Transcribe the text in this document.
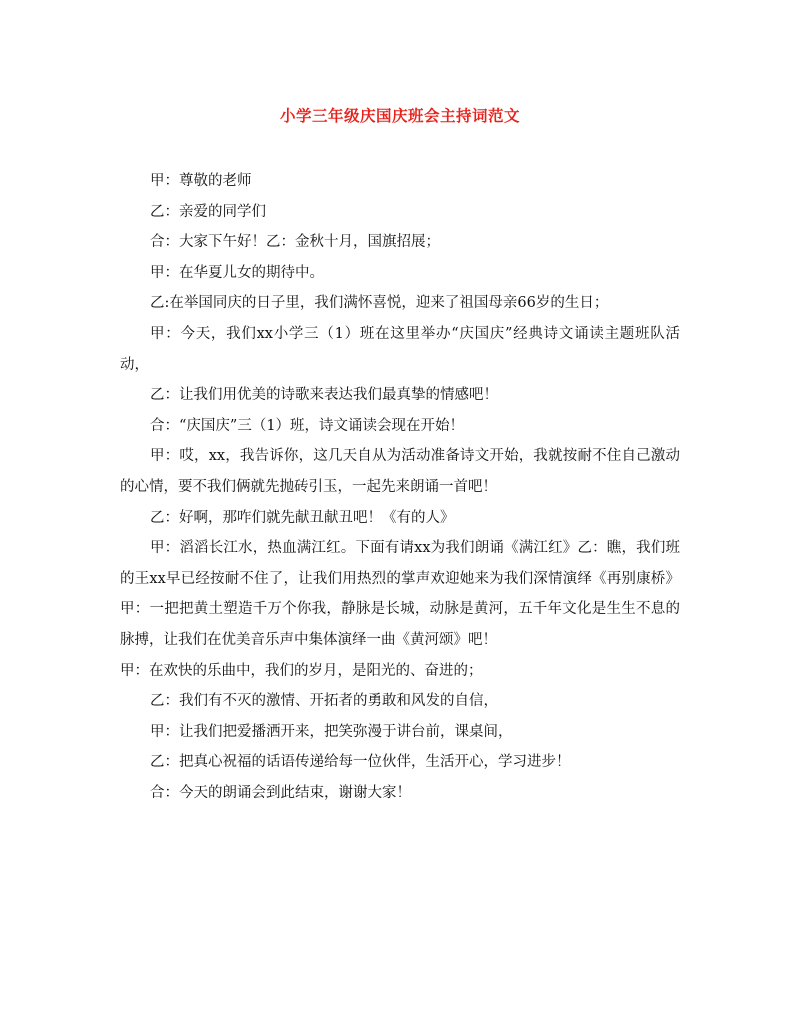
小学三年级庆国庆班会主持词范文

甲：尊敬的老师

乙：亲爱的同学们

合：大家下午好！乙：金秋十月，国旗招展；

甲：在华夏儿女的期待中。

乙:在举国同庆的日子里，我们满怀喜悦，迎来了祖国母亲66岁的生日；

甲：今天，我们xx小学三（1）班在这里举办“庆国庆”经典诗文诵读主题班队活动，

乙：让我们用优美的诗歌来表达我们最真挚的情感吧！

合：“庆国庆”三（1）班，诗文诵读会现在开始！

甲：哎，xx，我告诉你，这几天自从为活动准备诗文开始，我就按耐不住自己激动的心情，要不我们俩就先抛砖引玉，一起先来朗诵一首吧！

乙：好啊，那咋们就先献丑献丑吧！《有的人》

甲：滔滔长江水，热血满江红。下面有请xx为我们朗诵《满江红》乙：瞧，我们班的王xx早已经按耐不住了，让我们用热烈的掌声欢迎她来为我们深情演绎《再别康桥》甲：一把把黄土塑造千万个你我，静脉是长城，动脉是黄河，五千年文化是生生不息的脉搏，让我们在优美音乐声中集体演绎一曲《黄河颂》吧！

甲：在欢快的乐曲中，我们的岁月，是阳光的、奋进的；

乙：我们有不灭的激情、开拓者的勇敢和风发的自信，

甲：让我们把爱播洒开来，把笑弥漫于讲台前，课桌间，

乙：把真心祝福的话语传递给每一位伙伴，生活开心，学习进步！

合：今天的朗诵会到此结束，谢谢大家！
